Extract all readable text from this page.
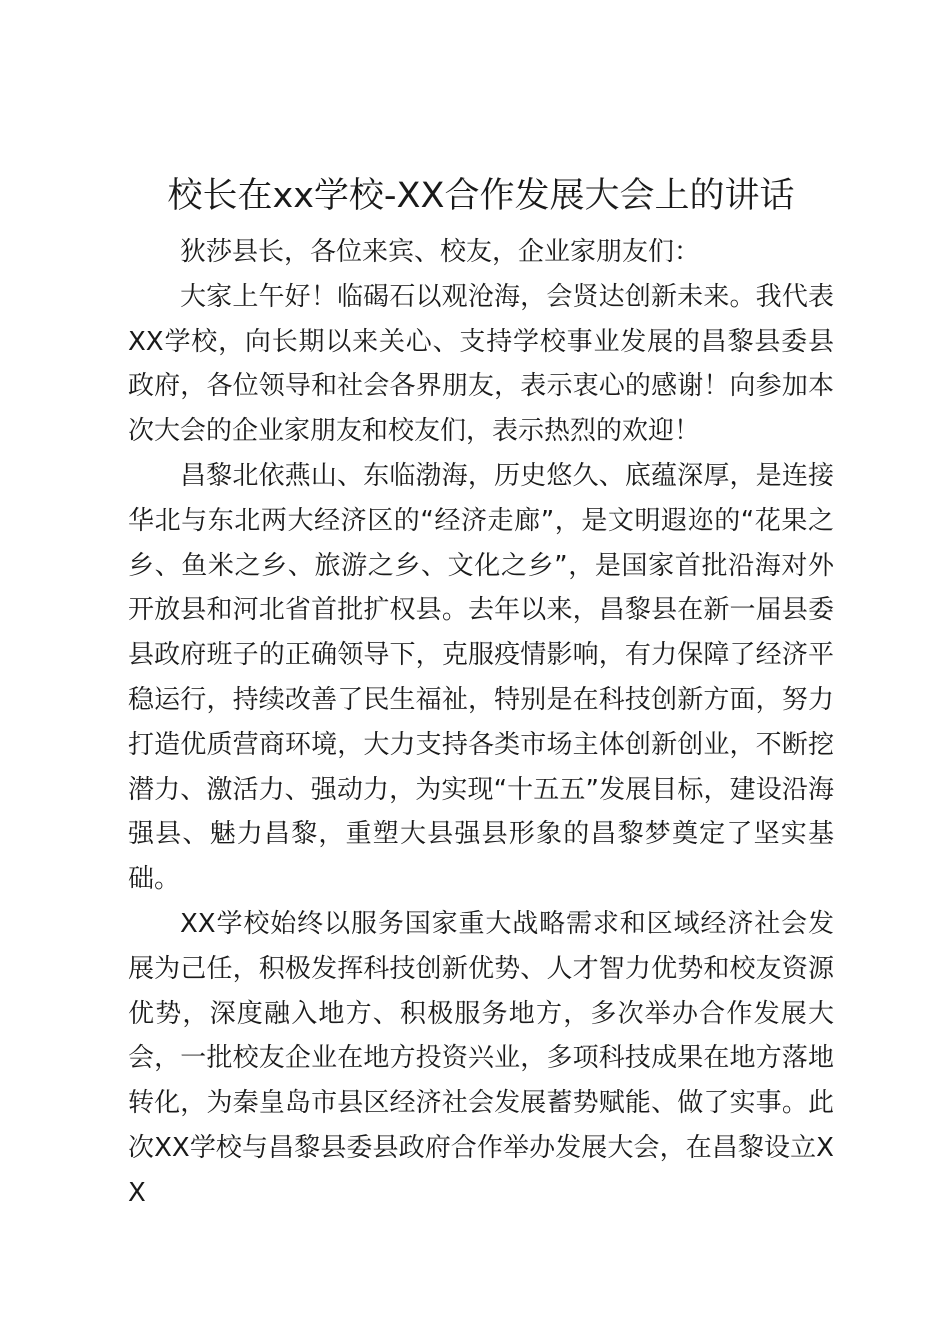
校长在xx学校-XX合作发展大会上的讲话

狄莎县长，各位来宾、校友，企业家朋友们：

大家上午好！临碣石以观沧海，会贤达创新未来。我代表XX学校，向长期以来关心、支持学校事业发展的昌黎县委县政府，各位领导和社会各界朋友，表示衷心的感谢！向参加本次大会的企业家朋友和校友们，表示热烈的欢迎！

昌黎北依燕山、东临渤海，历史悠久、底蕴深厚，是连接华北与东北两大经济区的“经济走廊”，是文明遐迩的“花果之乡、鱼米之乡、旅游之乡、文化之乡”，是国家首批沿海对外开放县和河北省首批扩权县。去年以来，昌黎县在新一届县委县政府班子的正确领导下，克服疫情影响，有力保障了经济平稳运行，持续改善了民生福祉，特别是在科技创新方面，努力打造优质营商环境，大力支持各类市场主体创新创业，不断挖潜力、激活力、强动力，为实现“十五五”发展目标，建设沿海强县、魅力昌黎，重塑大县强县形象的昌黎梦奠定了坚实基础。

XX学校始终以服务国家重大战略需求和区域经济社会发展为己任，积极发挥科技创新优势、人才智力优势和校友资源优势，深度融入地方、积极服务地方，多次举办合作发展大会，一批校友企业在地方投资兴业，多项科技成果在地方落地转化，为秦皇岛市县区经济社会发展蓄势赋能、做了实事。此次XX学校与昌黎县委县政府合作举办发展大会，在昌黎设立XX
